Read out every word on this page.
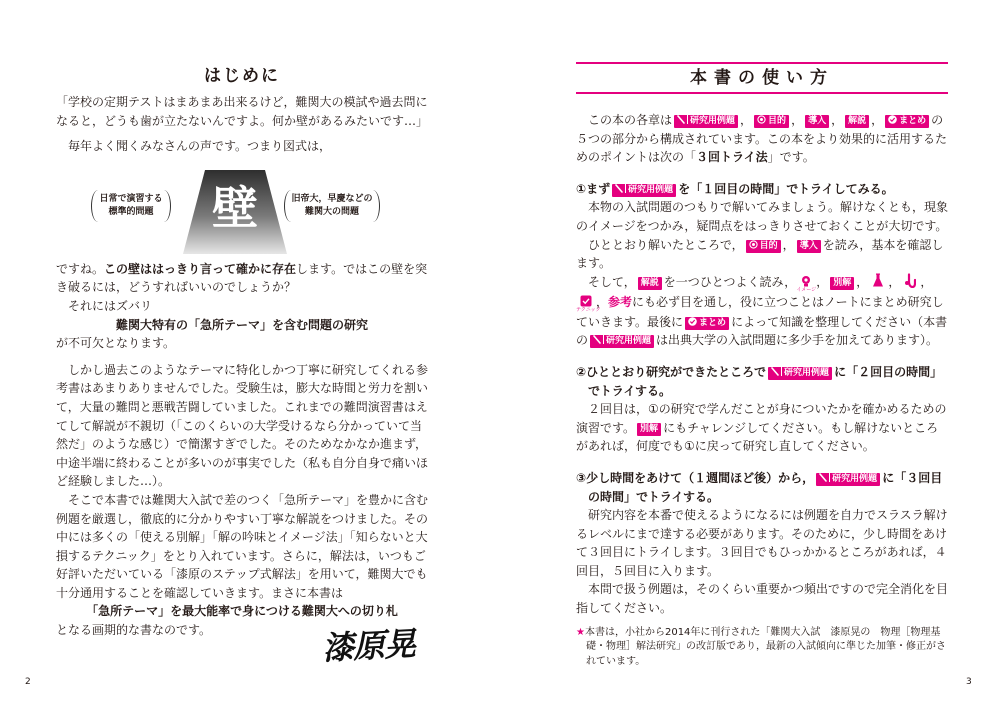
はじめに

「学校の定期テストはまあまあ出来るけど，難関大の模試や過去問になると，どうも歯が立たないんですよ。何か壁があるみたいです…」

毎年よく聞くみなさんの声です。つまり図式は，

壁
日常で演習する
標準的問題
旧帝大，早慶などの
難関大の問題

ですね。この壁ははっきり言って確かに存在します。ではこの壁を突き破るには，どうすればいいのでしょうか？

それにはズバリ

難関大特有の「急所テーマ」を含む問題の研究

が不可欠となります。

しかし過去このようなテーマに特化しかつ丁寧に研究してくれる参考書はあまりありませんでした。受験生は，膨大な時間と労力を割いて，大量の難問と悪戦苦闘していました。これまでの難問演習書はえてして解説が不親切（「このくらいの大学受けるなら分かっていて当然だ」のような感じ）で簡潔すぎでした。そのためなかなか進まず，中途半端に終わることが多いのが事実でした（私も自分自身で痛いほど経験しました…）。

そこで本書では難関大入試で差のつく「急所テーマ」を豊かに含む例題を厳選し，徹底的に分かりやすい丁寧な解説をつけました。その中には多くの「使える別解」「解の吟味とイメージ法」「知らないと大損するテクニック」をとり入れています。さらに，解法は，いつもご好評いただいている「漆原のステップ式解法」を用いて，難関大でも十分通用することを確認していきます。まさに本書は

「急所テーマ」を最大能率で身につける難関大への切り札

となる画期的な書なのです。	漆原晃
2
本書の使い方

この本の各章は 研究用例題 ， 目的 ， 導入 ， 解説 ， まとめ の５つの部分から構成されています。この本をより効果的に活用するためのポイントは次の「３回トライ法」です。

①まず 研究用例題 を「１回目の時間」でトライしてみる。

本物の入試問題のつもりで解いてみましょう。解けなくとも，現象のイメージをつかみ，疑問点をはっきりさせておくことが大切です。

ひととおり解いたところで， 目的 ， 導入 を読み，基本を確認します。

そして， 解説 を一つひとつよく読み，
イメージ
， 別解 ， ， ，
テクニック
，参考にも必ず目を通し，役に立つことはノートにまとめ研究していきます。最後に まとめ によって知識を整理してください（本書の 研究用例題 は出典大学の入試問題に多少手を加えてあります）。

②ひととおり研究ができたところで 研究用例題 に「２回目の時間」でトライする。

２回目は，①の研究で学んだことが身についたかを確かめるための演習です。 別解 にもチャレンジしてください。もし解けないところがあれば，何度でも①に戻って研究し直してください。

③少し時間をあけて（１週間ほど後）から， 研究用例題 に「３回目の時間」でトライする。

研究内容を本番で使えるようになるには例題を自力でスラスラ解けるレベルにまで達する必要があります。そのために，少し時間をあけて３回目にトライします。３回目でもひっかかるところがあれば，４回目，５回目に入ります。

本問で扱う例題は，そのくらい重要かつ頻出ですので完全消化を目指してください。

★本書は，小社から2014年に刊行された「難関大入試　漆原晃の　物理［物理基礎・物理］解法研究」の改訂版であり，最新の入試傾向に準じた加筆・修正がされています。

3
